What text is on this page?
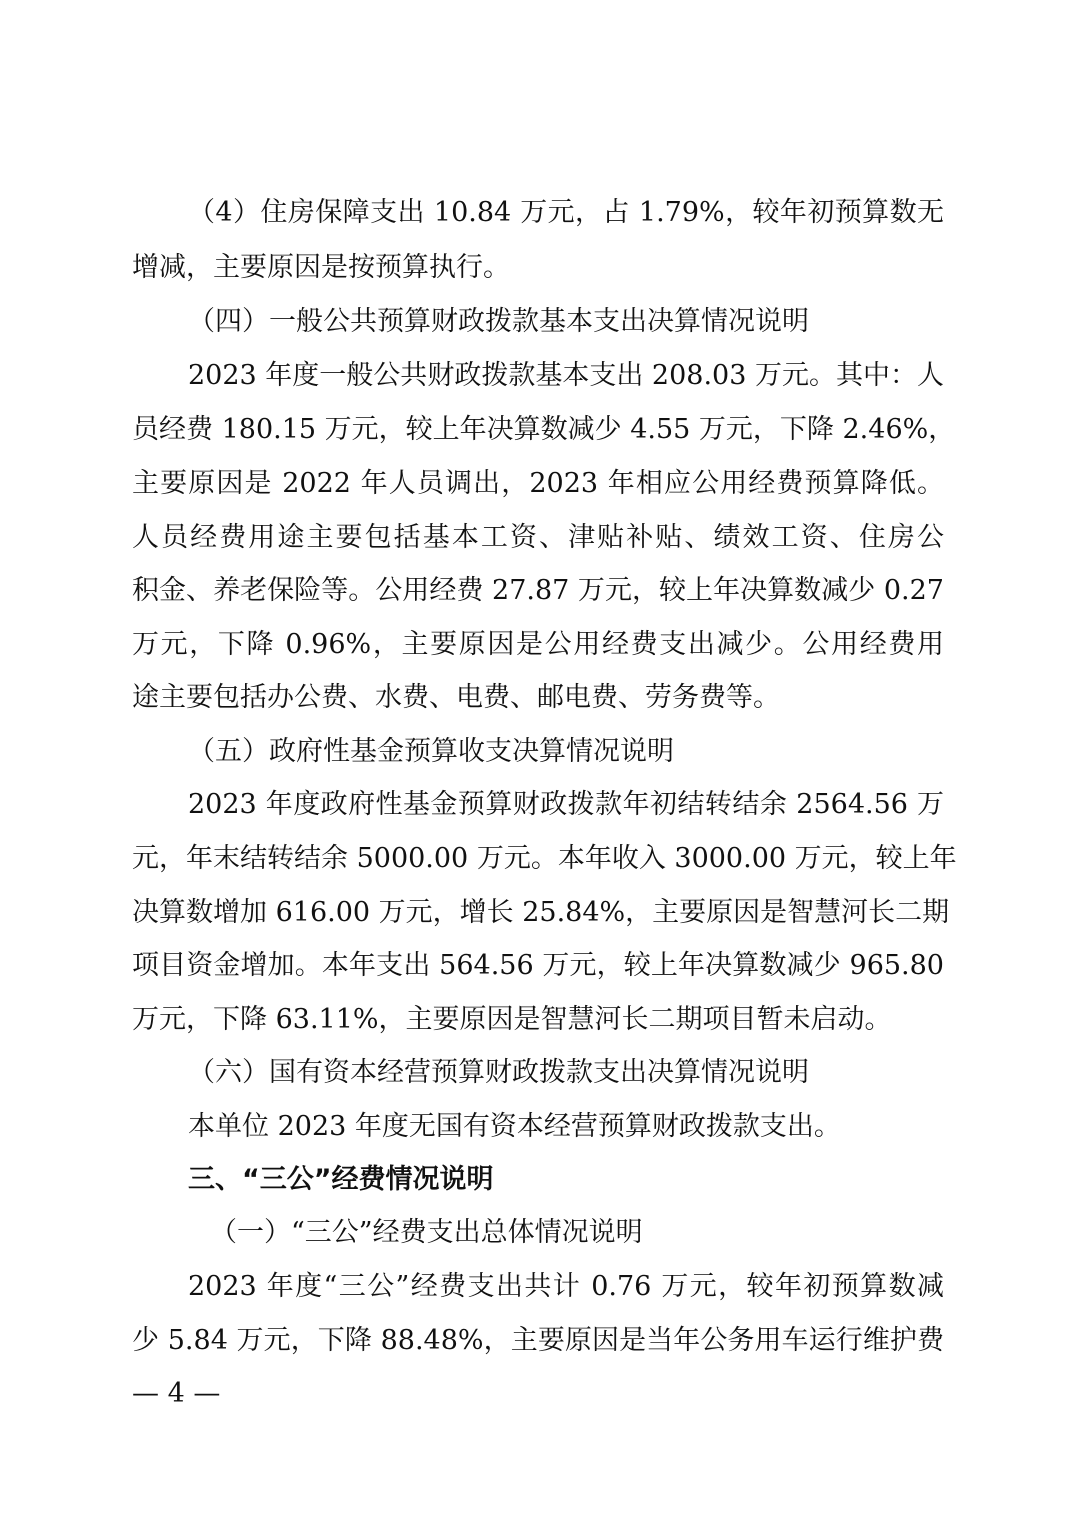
（4）住房保障支出 10.84 万元，占 1.79%，较年初预算数无
增减，主要原因是按预算执行。
（四）一般公共预算财政拨款基本支出决算情况说明
2023 年度一般公共财政拨款基本支出 208.03 万元。其中：人
员经费 180.15 万元，较上年决算数减少 4.55 万元，下降 2.46%，
主要原因是 2022 年人员调出，2023 年相应公用经费预算降低。
人员经费用途主要包括基本工资、津贴补贴、绩效工资、住房公
积金、养老保险等。公用经费 27.87 万元，较上年决算数减少 0.27
万元，下降 0.96%，主要原因是公用经费支出减少。公用经费用
途主要包括办公费、水费、电费、邮电费、劳务费等。
（五）政府性基金预算收支决算情况说明
2023 年度政府性基金预算财政拨款年初结转结余 2564.56 万
元，年末结转结余 5000.00 万元。本年收入 3000.00 万元，较上年
决算数增加 616.00 万元，增长 25.84%，主要原因是智慧河长二期
项目资金增加。本年支出 564.56 万元，较上年决算数减少 965.80
万元，下降 63.11%，主要原因是智慧河长二期项目暂未启动。
（六）国有资本经营预算财政拨款支出决算情况说明
本单位 2023 年度无国有资本经营预算财政拨款支出。
三、“三公”经费情况说明
（一）“三公”经费支出总体情况说明
2023 年度“三公”经费支出共计 0.76 万元，较年初预算数减
少 5.84 万元，下降 88.48%，主要原因是当年公务用车运行维护费
— 4 —
